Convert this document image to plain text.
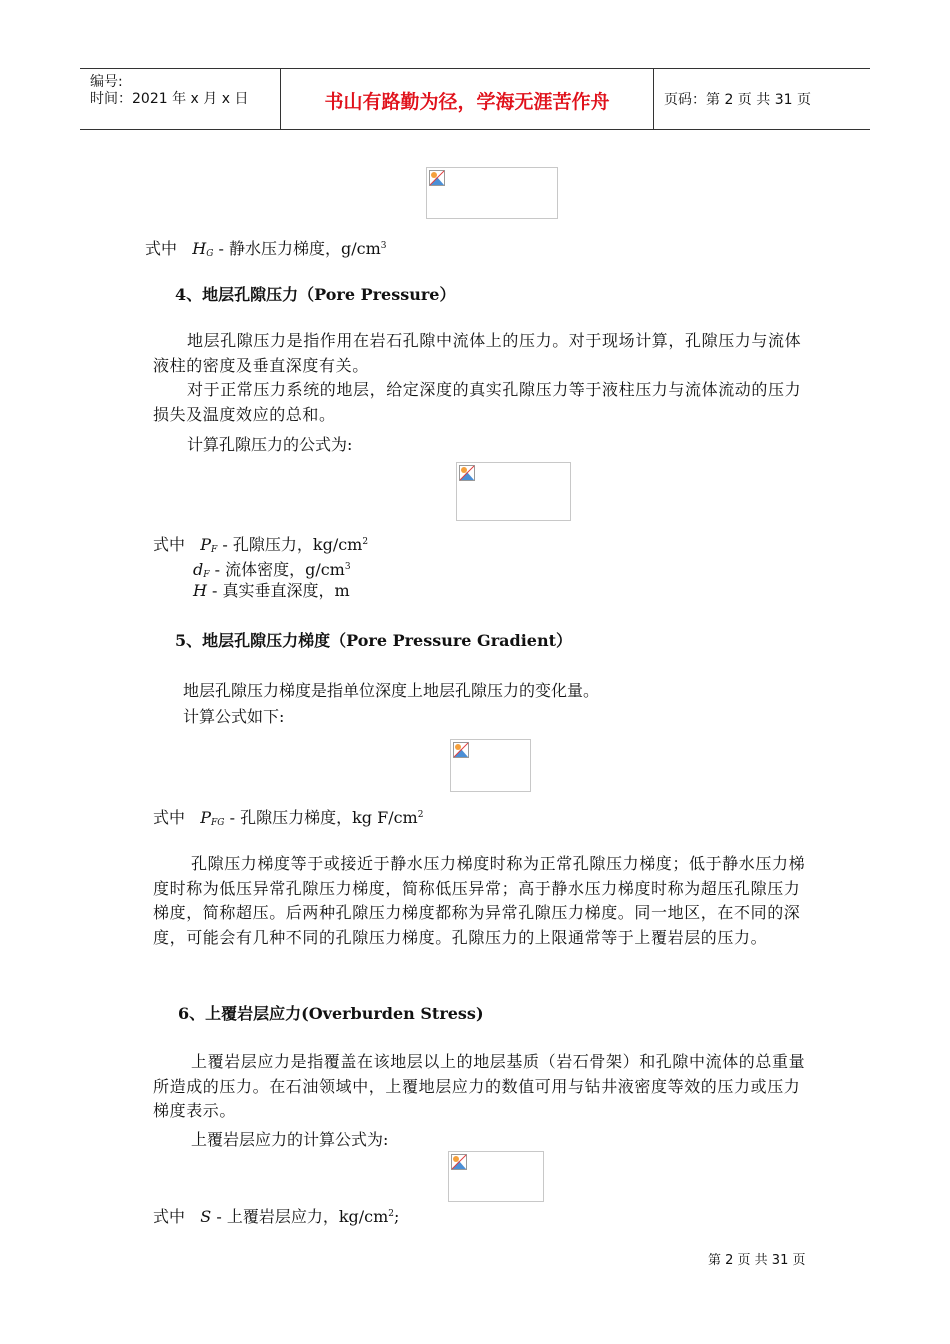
编号:
时间：2021 年 x 月 x 日	书山有路勤为径，学海无涯苦作舟	页码：第 2 页 共 31 页
式中 $H_G$ - 静水压力梯度，$g/cm^3$
4、地层孔隙压力（Pore Pressure）
地层孔隙压力是指作用在岩石孔隙中流体上的压力。对于现场计算，孔隙压力与流体液柱的密度及垂直深度有关。
对于正常压力系统的地层，给定深度的真实孔隙压力等于液柱压力与流体流动的压力损失及温度效应的总和。
计算孔隙压力的公式为:
式中 $P_F$ - 孔隙压力，$kg/cm^2$
$d_F$ - 流体密度，$g/cm^3$
H - 真实垂直深度，m
5、地层孔隙压力梯度（Pore Pressure Gradient）
地层孔隙压力梯度是指单位深度上地层孔隙压力的变化量。
计算公式如下:
式中 $P_{FG}$ - 孔隙压力梯度，kg $F/cm^2$
孔隙压力梯度等于或接近于静水压力梯度时称为正常孔隙压力梯度；低于静水压力梯度时称为低压异常孔隙压力梯度，简称低压异常；高于静水压力梯度时称为超压孔隙压力梯度，简称超压。后两种孔隙压力梯度都称为异常孔隙压力梯度。同一地区，在不同的深度，可能会有几种不同的孔隙压力梯度。孔隙压力的上限通常等于上覆岩层的压力。
6、上覆岩层应力(Overburden Stress)
上覆岩层应力是指覆盖在该地层以上的地层基质（岩石骨架）和孔隙中流体的总重量所造成的压力。在石油领域中，上覆地层应力的数值可用与钻井液密度等效的压力或压力梯度表示。
上覆岩层应力的计算公式为:
式中 S - 上覆岩层应力，$kg/cm^2$;
第 2 页 共 31 页
